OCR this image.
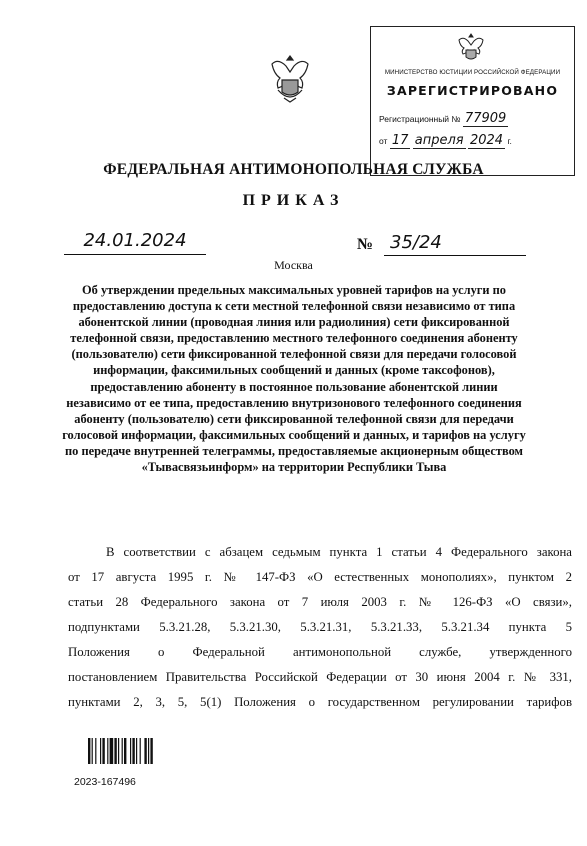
МИНИСТЕРСТВО ЮСТИЦИИ РОССИЙСКОЙ ФЕДЕРАЦИИ
ЗАРЕГИСТРИРОВАНО
Регистрационный № 77909
от 17 апреля 2024 г.
ФЕДЕРАЛЬНАЯ АНТИМОНОПОЛЬНАЯ СЛУЖБА
ПРИКАЗ
24.01.2024	№ 35/24
Москва

Об утверждении предельных максимальных уровней тарифов на услуги по предоставлению доступа к сети местной телефонной связи независимо от типа абонентской линии (проводная линия или радиолиния) сети фиксированной телефонной связи, предоставлению местного телефонного соединения абоненту (пользователю) сети фиксированной телефонной связи для передачи голосовой информации, факсимильных сообщений и данных (кроме таксофонов), предоставлению абоненту в постоянное пользование абонентской линии независимо от ее типа, предоставлению внутризонового телефонного соединения абоненту (пользователю) сети фиксированной телефонной связи для передачи голосовой информации, факсимильных сообщений и данных, и тарифов на услугу по передаче внутренней телеграммы, предоставляемые акционерным обществом «Тывасвязьинформ» на территории Республики Тыва

В соответствии с абзацем седьмым пункта 1 статьи 4 Федерального закона
от 17 августа 1995 г. № 147-ФЗ «О естественных монополиях», пунктом 2
статьи 28 Федерального закона от 7 июля 2003 г. № 126-ФЗ «О связи»,
подпунктами 5.3.21.28, 5.3.21.30, 5.3.21.31, 5.3.21.33, 5.3.21.34 пункта 5
Положения о Федеральной антимонопольной службе, утвержденного
постановлением Правительства Российской Федерации от 30 июня 2004 г. № 331,
пунктами 2, 3, 5, 5(1) Положения о государственном регулировании тарифов

2023-167496
